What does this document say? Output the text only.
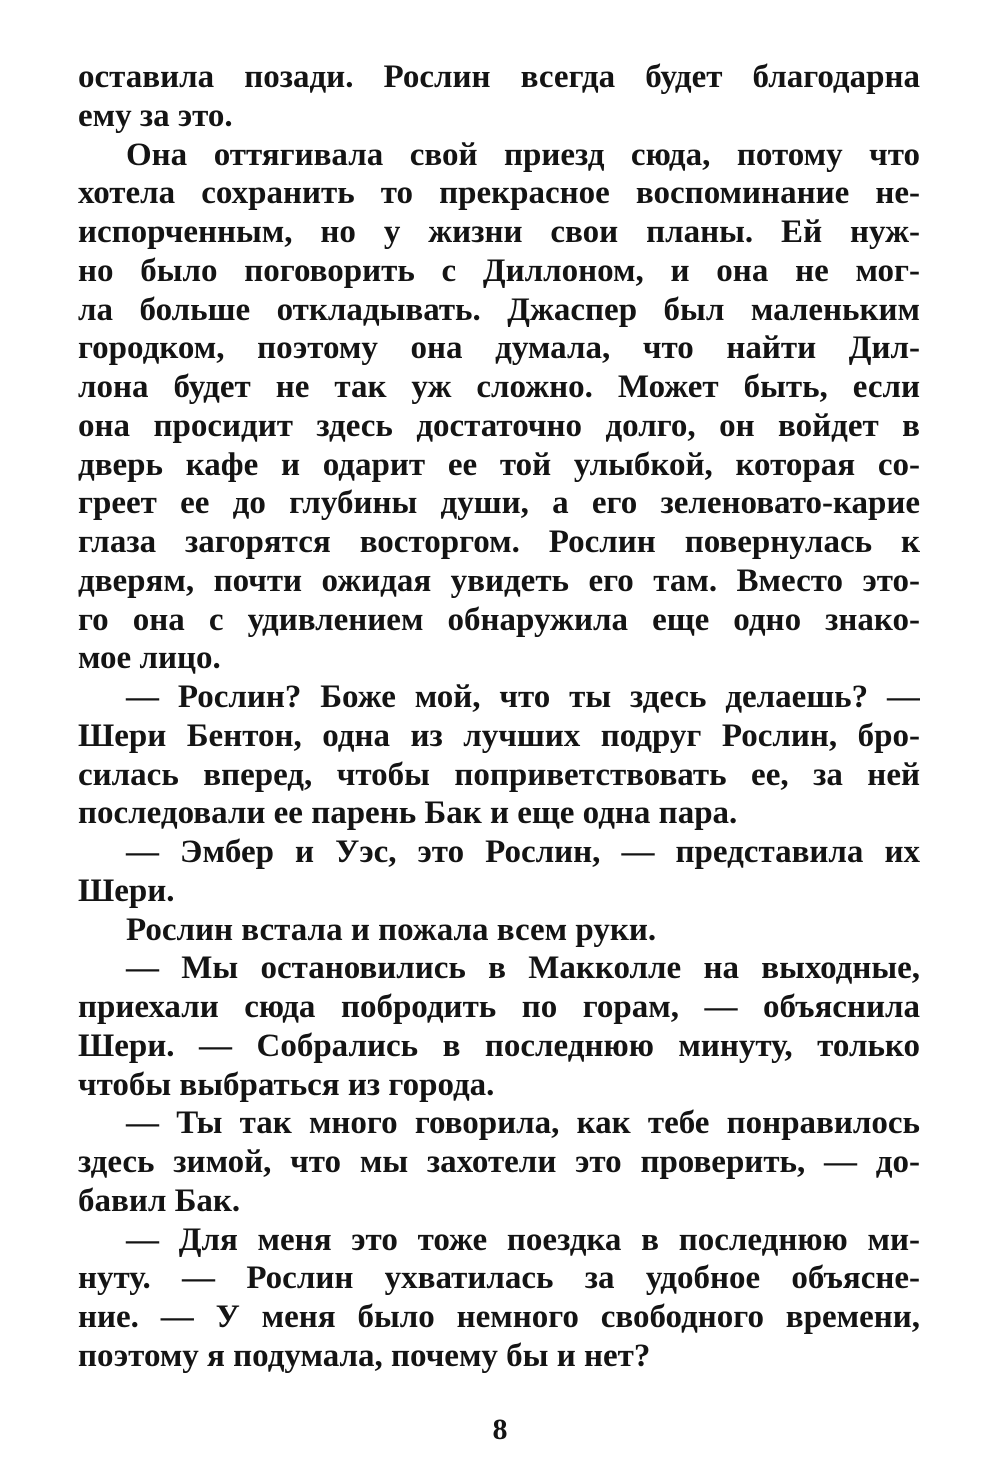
оставила позади. Рослин всегда будет благодарна
ему за это.
Она оттягивала свой приезд сюда, потому что
хотела сохранить то прекрасное воспоминание не-
испорченным, но у жизни свои планы. Ей нуж-
но было поговорить с Диллоном, и она не мог-
ла больше откладывать. Джаспер был маленьким
городком, поэтому она думала, что найти Дил-
лона будет не так уж сложно. Может быть, если
она просидит здесь достаточно долго, он войдет в
дверь кафе и одарит ее той улыбкой, которая со-
греет ее до глубины души, а его зеленовато-карие
глаза загорятся восторгом. Рослин повернулась к
дверям, почти ожидая увидеть его там. Вместо это-
го она с удивлением обнаружила еще одно знако-
мое лицо.
— Рослин? Боже мой, что ты здесь делаешь? —
Шери Бентон, одна из лучших подруг Рослин, бро-
силась вперед, чтобы поприветствовать ее, за ней
последовали ее парень Бак и еще одна пара.
— Эмбер и Уэс, это Рослин, — представила их
Шери.
Рослин встала и пожала всем руки.
— Мы остановились в Макколле на выходные,
приехали сюда побродить по горам, — объяснила
Шери. — Собрались в последнюю минуту, только
чтобы выбраться из города.
— Ты так много говорила, как тебе понравилось
здесь зимой, что мы захотели это проверить, — до-
бавил Бак.
— Для меня это тоже поездка в последнюю ми-
нуту. — Рослин ухватилась за удобное объясне-
ние. — У меня было немного свободного времени,
поэтому я подумала, почему бы и нет?
8
